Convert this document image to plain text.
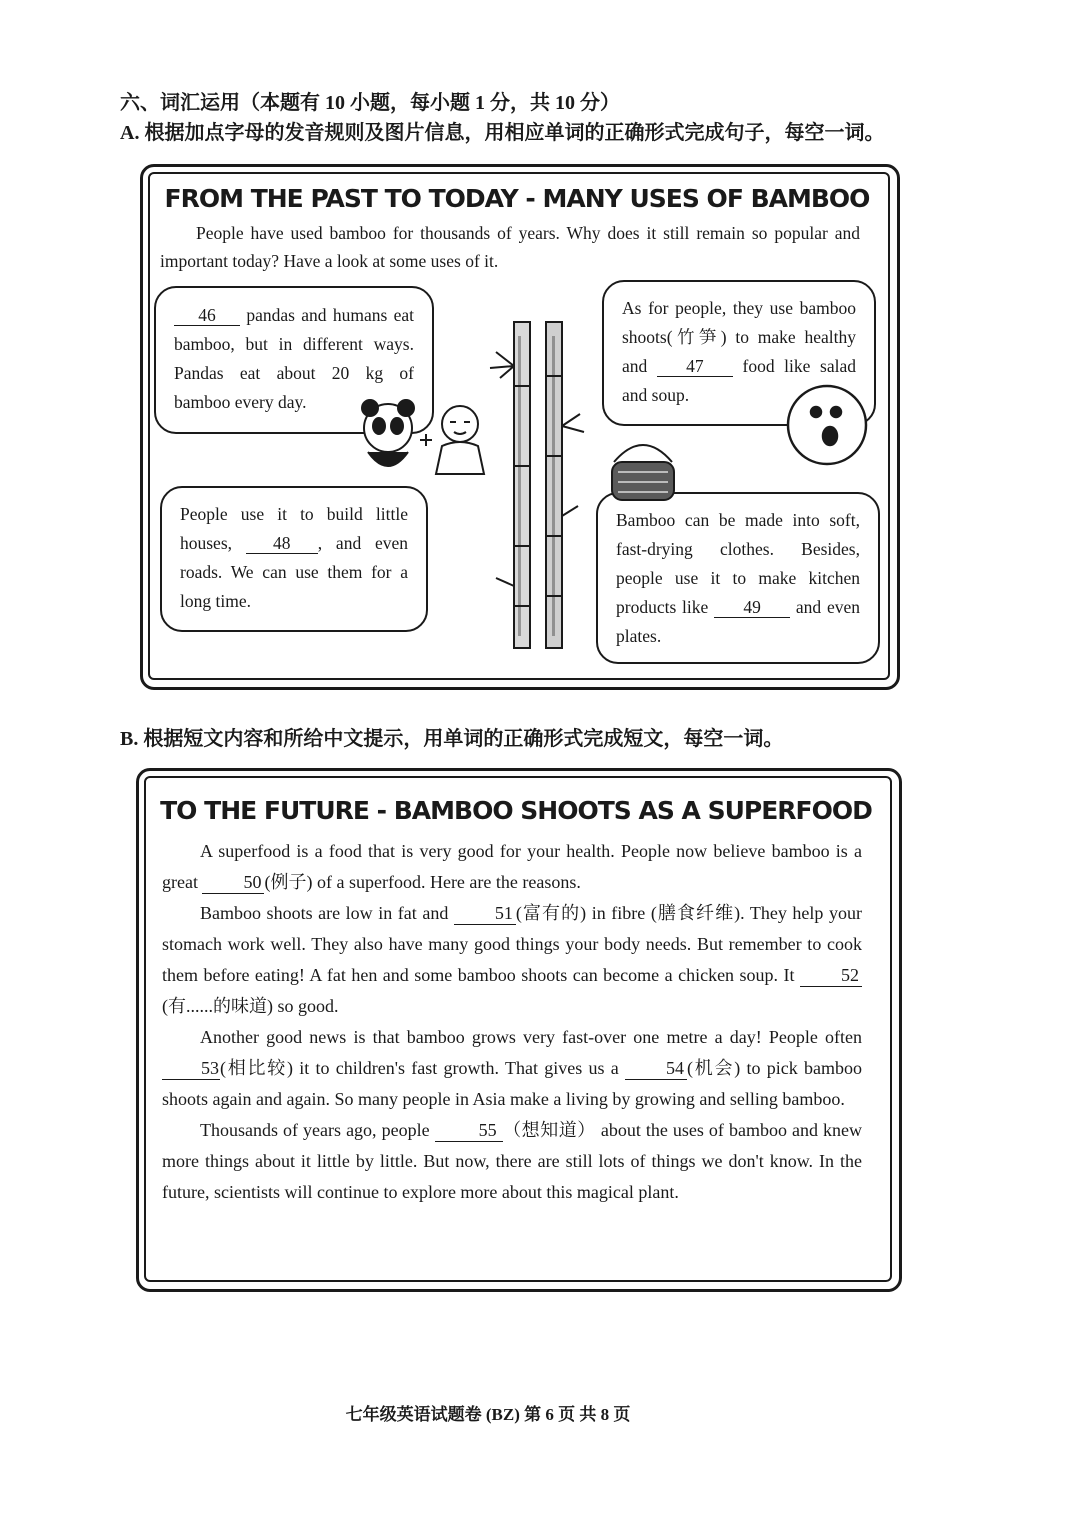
六、词汇运用（本题有 10 小题，每小题 1 分，共 10 分）
A. 根据加点字母的发音规则及图片信息，用相应单词的正确形式完成句子，每空一词。
FROM THE PAST TO TODAY - MANY USES OF BAMBOO
People have used bamboo for thousands of years. Why does it still remain so popular and important today? Have a look at some uses of it.

46 pandas and humans eat bamboo, but in different ways. Pandas eat about 20 kg of bamboo every day.

As for people, they use bamboo shoots(竹笋) to make healthy and 47 food like salad and soup.

People use it to build little houses, 48 , and even roads. We can use them for a long time.

Bamboo can be made into soft, fast-drying clothes. Besides, people use it to make kitchen products like 49 and even plates.

B. 根据短文内容和所给中文提示，用单词的正确形式完成短文，每空一词。
TO THE FUTURE - BAMBOO SHOOTS AS A SUPERFOOD

A superfood is a food that is very good for your health. People now believe bamboo is a great 50 (例子) of a superfood. Here are the reasons.

Bamboo shoots are low in fat and 51 (富有的) in fibre (膳食纤维). They help your stomach work well. They also have many good things your body needs. But remember to cook them before eating! A fat hen and some bamboo shoots can become a chicken soup. It 52(有......的味道) so good.

Another good news is that bamboo grows very fast-over one metre a day! People often 53(相比较) it to children's fast growth. That gives us a 54 (机会) to pick bamboo shoots again and again. So many people in Asia make a living by growing and selling bamboo.

Thousands of years ago, people 55 （想知道） about the uses of bamboo and knew more things about it little by little. But now, there are still lots of things we don't know. In the future, scientists will continue to explore more about this magical plant.

七年级英语试题卷 (BZ) 第 6 页 共 8 页
